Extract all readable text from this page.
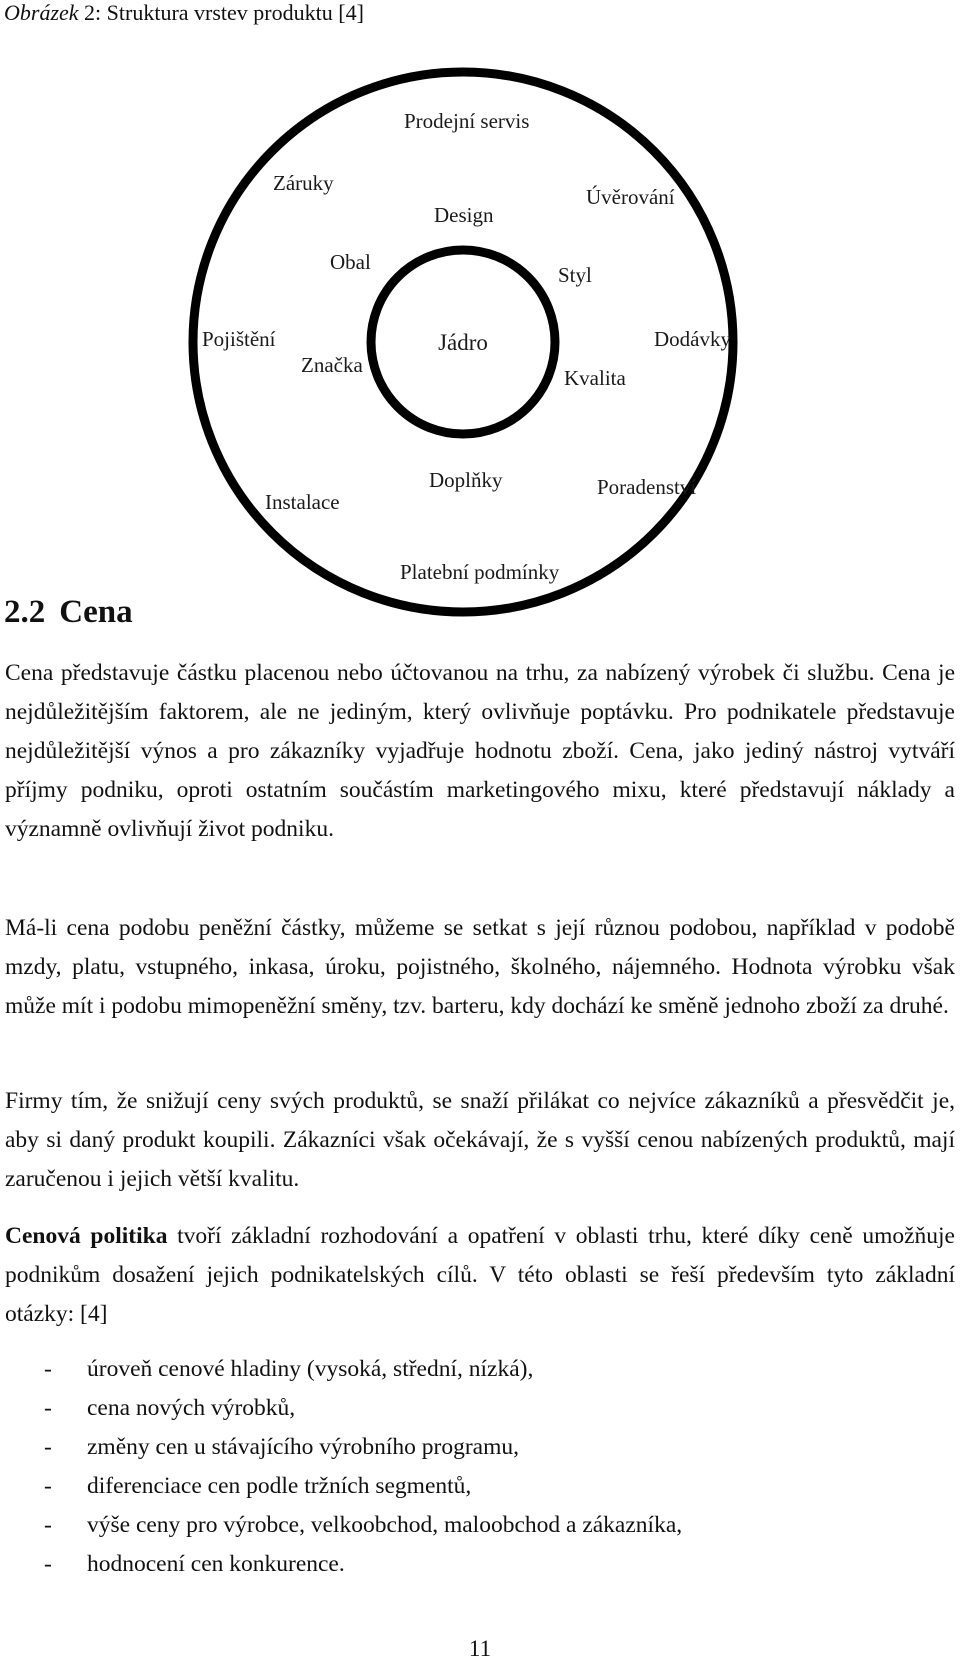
Obrázek 2: Struktura vrstev produktu [4]
Prodejní servis
Záruky
Úvěrování
Pojištění	Dodávky
Instalace
Poradenství
Platební podmínky
Design
Obal
Styl
Značka
Kvalita
Doplňky
Jádro
2.2 Cena

Cena představuje částku placenou nebo účtovanou na trhu, za nabízený výrobek či službu. Cena je nejdůležitějším faktorem, ale ne jediným, který ovlivňuje poptávku. Pro podnikatele představuje nejdůležitější výnos a pro zákazníky vyjadřuje hodnotu zboží. Cena, jako jediný nástroj vytváří příjmy podniku, oproti ostatním součástím marketingového mixu, které představují náklady a významně ovlivňují život podniku.

Má-li cena podobu peněžní částky, můžeme se setkat s její různou podobou, například v podobě mzdy, platu, vstupného, inkasa, úroku, pojistného, školného, nájemného. Hodnota výrobku však může mít i podobu mimopeněžní směny, tzv. barteru, kdy dochází ke směně jednoho zboží za druhé.

Firmy tím, že snižují ceny svých produktů, se snaží přilákat co nejvíce zákazníků a přesvědčit je, aby si daný produkt koupili. Zákazníci však očekávají, že s vyšší cenou nabízených produktů, mají zaručenou i jejich větší kvalitu.

Cenová politika tvoří základní rozhodování a opatření v oblasti trhu, které díky ceně umožňuje podnikům dosažení jejich podnikatelských cílů. V této oblasti se řeší především tyto základní otázky: [4]

- úroveň cenové hladiny (vysoká, střední, nízká),
- cena nových výrobků,
- změny cen u stávajícího výrobního programu,
- diferenciace cen podle tržních segmentů,
- výše ceny pro výrobce, velkoobchod, maloobchod a zákazníka,
- hodnocení cen konkurence.
11
